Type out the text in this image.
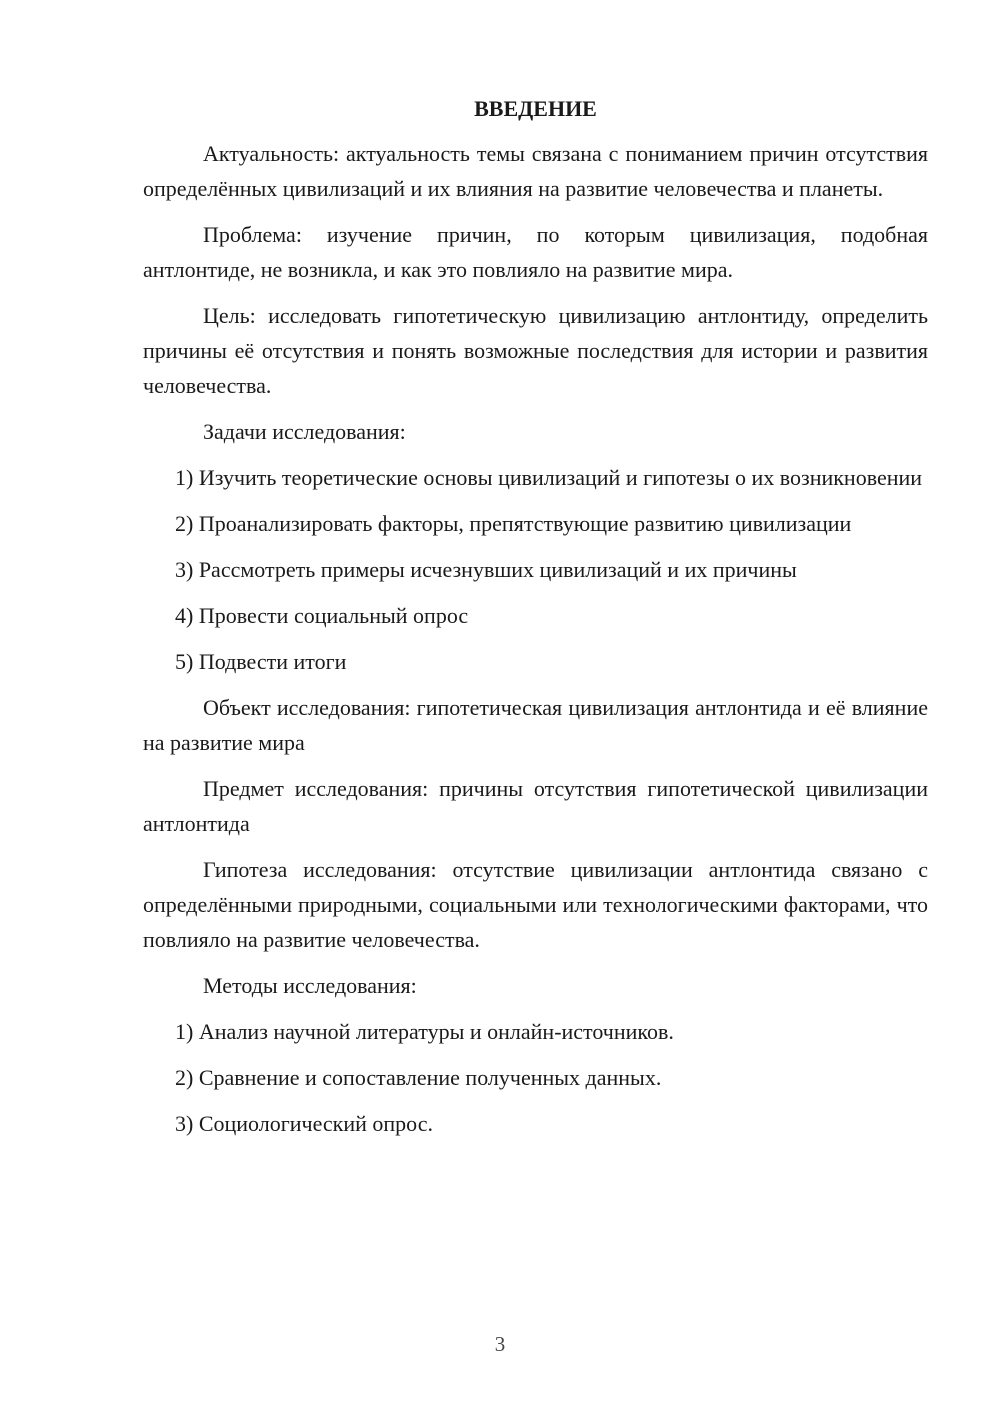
ВВЕДЕНИЕ

Актуальность: актуальность темы связана с пониманием причин отсутствия определённых цивилизаций и их влияния на развитие человечества и планеты.

Проблема: изучение причин, по которым цивилизация, подобная антлонтиде, не возникла, и как это повлияло на развитие мира.

Цель: исследовать гипотетическую цивилизацию антлонтиду, определить причины её отсутствия и понять возможные последствия для истории и развития человечества.

Задачи исследования:

1) Изучить теоретические основы цивилизаций и гипотезы о их возникновении

2) Проанализировать факторы, препятствующие развитию цивилизации

3) Рассмотреть примеры исчезнувших цивилизаций и их причины

4) Провести социальный опрос

5) Подвести итоги

Объект исследования: гипотетическая цивилизация антлонтида и её влияние на развитие мира

Предмет исследования: причины отсутствия гипотетической цивилизации антлонтида

Гипотеза исследования: отсутствие цивилизации антлонтида связано с определёнными природными, социальными или технологическими факторами, что повлияло на развитие человечества.

Методы исследования:

1) Анализ научной литературы и онлайн-источников.

2) Сравнение и сопоставление полученных данных.

3) Социологический опрос.

3
